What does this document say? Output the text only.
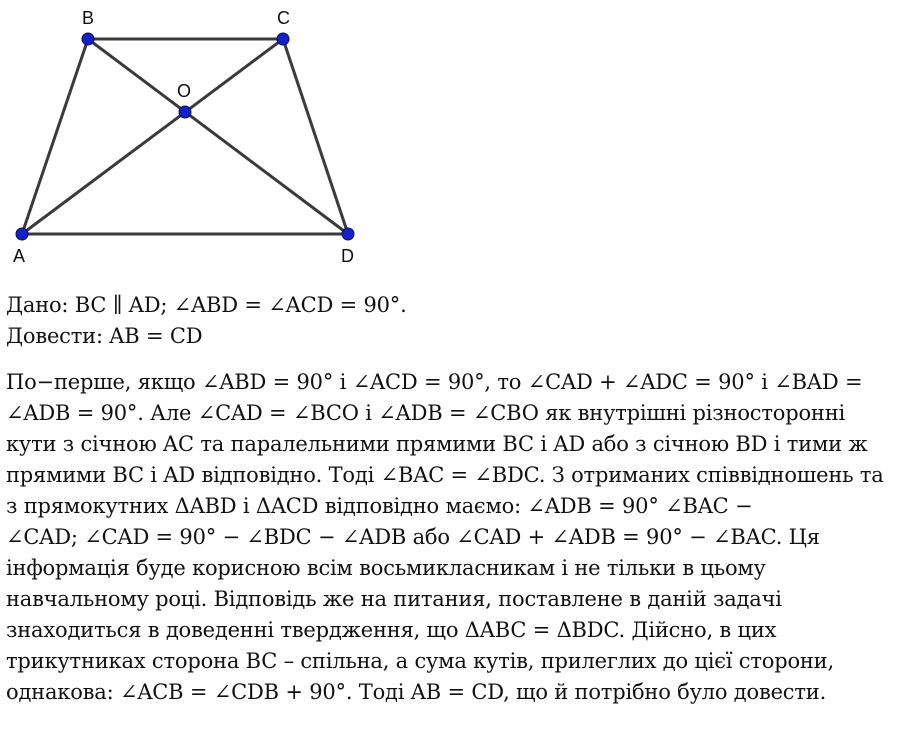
B	C
O
A	D
Дано: BC ∥ AD; ∠ABD = ∠ACD = 90°.
Довести: AB = CD
По−перше, якщо ∠ABD = 90° і ∠ACD = 90°, то ∠CAD + ∠ADC = 90° і ∠BAD =
∠ADB = 90°. Але ∠CAD = ∠BCO і ∠ADB = ∠CBO як внутрішні різносторонні
кути з січною AC та паралельними прямими BC і AD або з січною BD і тими ж
прямими BC і AD відповідно. Тоді ∠BAC = ∠BDC. З отриманих співвідношень та
з прямокутних ΔABD і ΔACD відповідно маємо: ∠ADB = 90° ∠BAC −
∠CAD; ∠CAD = 90° − ∠BDC − ∠ADB або ∠CAD + ∠ADB = 90° − ∠BAC. Ця
інформація буде корисною всім восьмикласникам і не тільки в цьому
навчальному році. Відповідь же на питания, поставлене в даній задачі
знаходиться в доведенні твердження, що ΔABC = ΔBDC. Дійсно, в цих
трикутниках сторона BC – спільна, а сума кутів, прилеглих до цієї сторони,
однакова: ∠ACB = ∠CDB + 90°. Тоді AB = CD, що й потрібно було довести.
